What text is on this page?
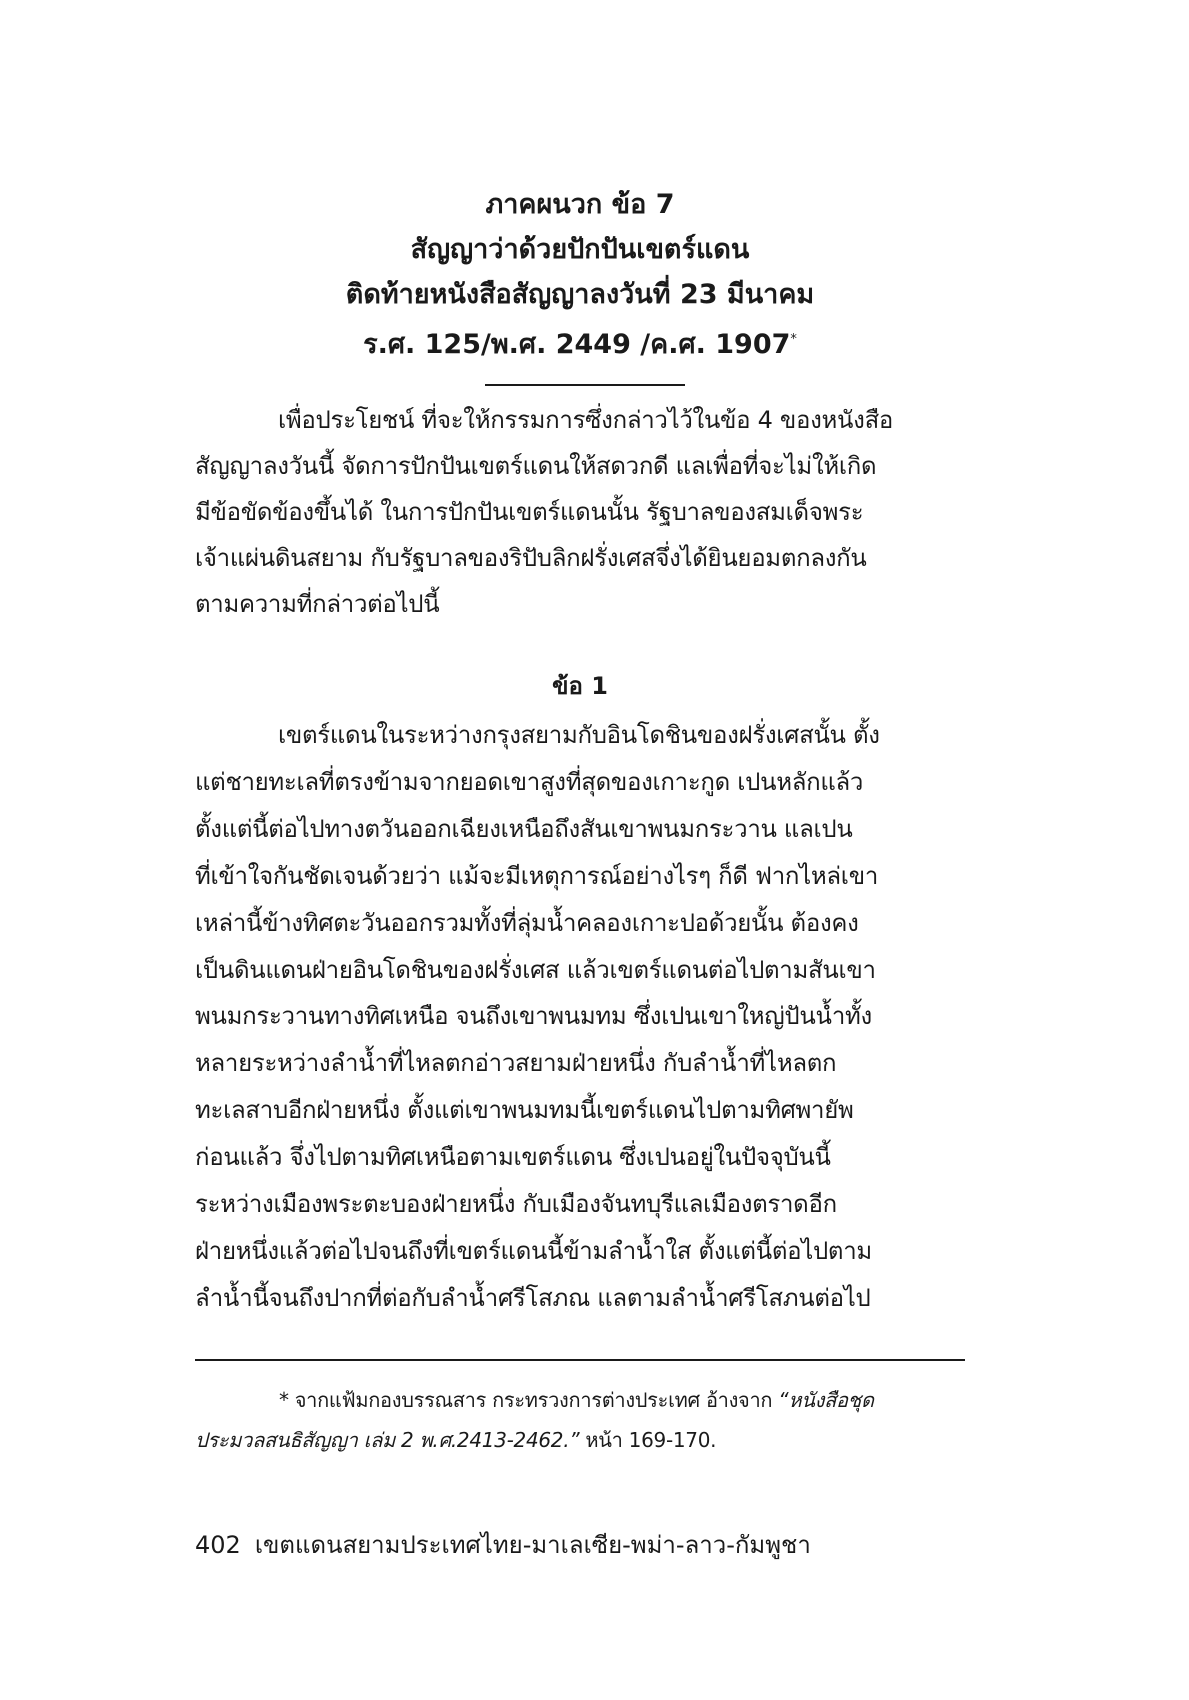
ภาคผนวก ข้อ 7
สัญญาว่าด้วยปักปันเขตร์แดน
ติดท้ายหนังสือสัญญาลงวันที่ 23 มีนาคม
ร.ศ. 125/พ.ศ. 2449 /ค.ศ. 1907*
เพื่อประโยชน์ ที่จะให้กรรมการซึ่งกล่าวไว้ในข้อ 4 ของหนังสือ
สัญญาลงวันนี้ จัดการปักปันเขตร์แดนให้สดวกดี แลเพื่อที่จะไม่ให้เกิด
มีข้อขัดข้องขึ้นได้ ในการปักปันเขตร์แดนนั้น รัฐบาลของสมเด็จพระ
เจ้าแผ่นดินสยาม กับรัฐบาลของริปับลิกฝรั่งเศสจึ่งได้ยินยอมตกลงกัน
ตามความที่กล่าวต่อไปนี้
ข้อ 1
เขตร์แดนในระหว่างกรุงสยามกับอินโดชินของฝรั่งเศสนั้น ตั้ง
แต่ชายทะเลที่ตรงข้ามจากยอดเขาสูงที่สุดของเกาะกูด เปนหลักแล้ว
ตั้งแต่นี้ต่อไปทางตวันออกเฉียงเหนือถึงสันเขาพนมกระวาน แลเปน
ที่เข้าใจกันชัดเจนด้วยว่า แม้จะมีเหตุการณ์อย่างไรๆ ก็ดี ฟากไหล่เขา
เหล่านี้ข้างทิศตะวันออกรวมทั้งที่ลุ่มน้ำคลองเกาะปอด้วยนั้น ต้องคง
เป็นดินแดนฝ่ายอินโดชินของฝรั่งเศส แล้วเขตร์แดนต่อไปตามสันเขา
พนมกระวานทางทิศเหนือ จนถึงเขาพนมทม ซึ่งเปนเขาใหญ่ปันน้ำทั้ง
หลายระหว่างลำน้ำที่ไหลตกอ่าวสยามฝ่ายหนึ่ง กับลำน้ำที่ไหลตก
ทะเลสาบอีกฝ่ายหนึ่ง ตั้งแต่เขาพนมทมนี้เขตร์แดนไปตามทิศพายัพ
ก่อนแล้ว จึ่งไปตามทิศเหนือตามเขตร์แดน ซึ่งเปนอยู่ในปัจจุบันนี้
ระหว่างเมืองพระตะบองฝ่ายหนึ่ง กับเมืองจันทบุรีแลเมืองตราดอีก
ฝ่ายหนึ่งแล้วต่อไปจนถึงที่เขตร์แดนนี้ข้ามลำน้ำใส ตั้งแต่นี้ต่อไปตาม
ลำน้ำนี้จนถึงปากที่ต่อกับลำน้ำศรีโสภณ แลตามลำน้ำศรีโสภนต่อไป
* จากแฟ้มกองบรรณสาร กระทรวงการต่างประเทศ อ้างจาก “หนังสือชุด
ประมวลสนธิสัญญา เล่ม 2 พ.ศ.2413-2462.” หน้า 169-170.
402 เขตแดนสยามประเทศไทย-มาเลเซีย-พม่า-ลาว-กัมพูชา
